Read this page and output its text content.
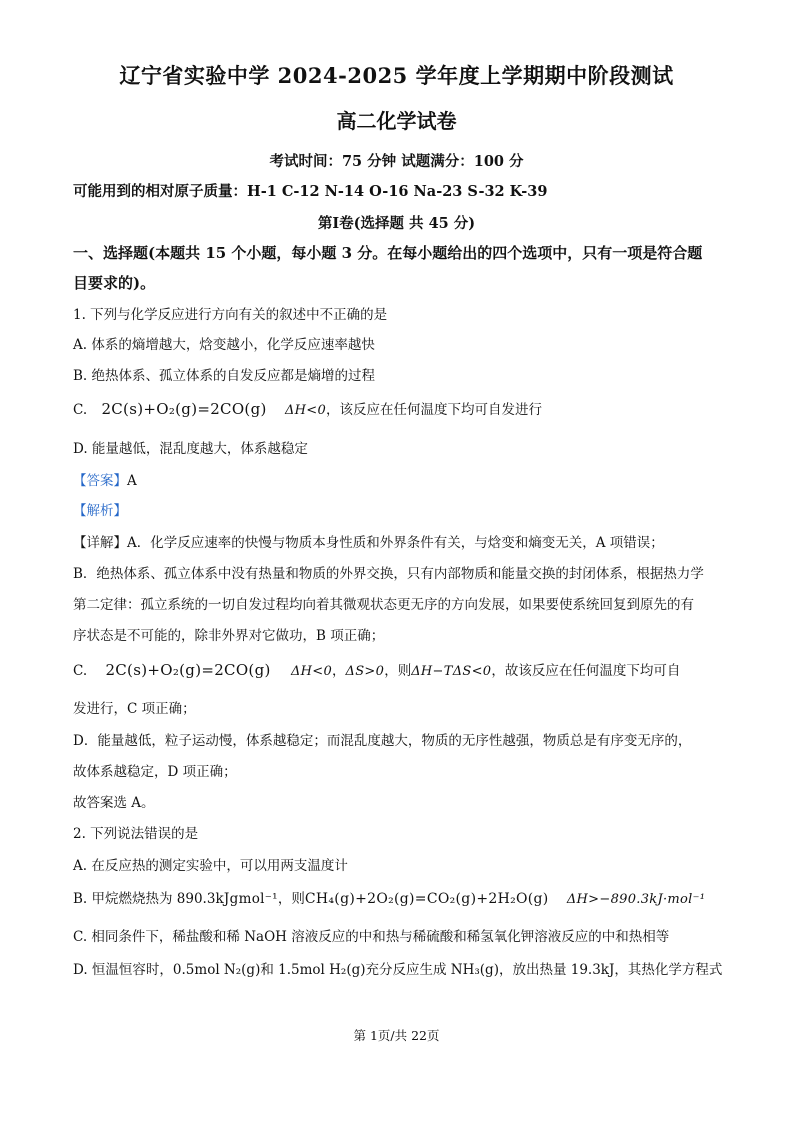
辽宁省实验中学 2024-2025 学年度上学期期中阶段测试
高二化学试卷
考试时间：75 分钟 试题满分：100 分
可能用到的相对原子质量：H-1 C-12 N-14 O-16 Na-23 S-32 K-39
第Ⅰ卷(选择题 共 45 分)
一、选择题(本题共 15 个小题，每小题 3 分。在每小题给出的四个选项中，只有一项是符合题
目要求的)。
1. 下列与化学反应进行方向有关的叙述中不正确的是
A. 体系的熵增越大，焓变越小，化学反应速率越快
B. 绝热体系、孤立体系的自发反应都是熵增的过程
C. 2C(s)+O₂(g)=2CO(g) ΔH<0，该反应在任何温度下均可自发进行
D. 能量越低，混乱度越大，体系越稳定
【答案】A
【解析】
【详解】A．化学反应速率的快慢与物质本身性质和外界条件有关，与焓变和熵变无关，A 项错误；
B．绝热体系、孤立体系中没有热量和物质的外界交换，只有内部物质和能量交换的封闭体系，根据热力学
第二定律：孤立系统的一切自发过程均向着其微观状态更无序的方向发展，如果要使系统回复到原先的有
序状态是不可能的，除非外界对它做功，B 项正确；
C. 2C(s)+O₂(g)=2CO(g) ΔH<0，ΔS>0，则ΔH−TΔS<0，故该反应在任何温度下均可自
发进行，C 项正确；
D．能量越低，粒子运动慢，体系越稳定；而混乱度越大，物质的无序性越强，物质总是有序变无序的，
故体系越稳定，D 项正确；
故答案选 A。
2. 下列说法错误的是
A. 在反应热的测定实验中，可以用两支温度计
B. 甲烷燃烧热为 890.3kJgmol⁻¹，则CH₄(g)+2O₂(g)=CO₂(g)+2H₂O(g) ΔH>−890.3kJ·mol⁻¹
C. 相同条件下，稀盐酸和稀 NaOH 溶液反应的中和热与稀硫酸和稀氢氧化钾溶液反应的中和热相等
D. 恒温恒容时，0.5mol N₂(g)和 1.5mol H₂(g)充分反应生成 NH₃(g)，放出热量 19.3kJ，其热化学方程式
第 1页/共 22页
